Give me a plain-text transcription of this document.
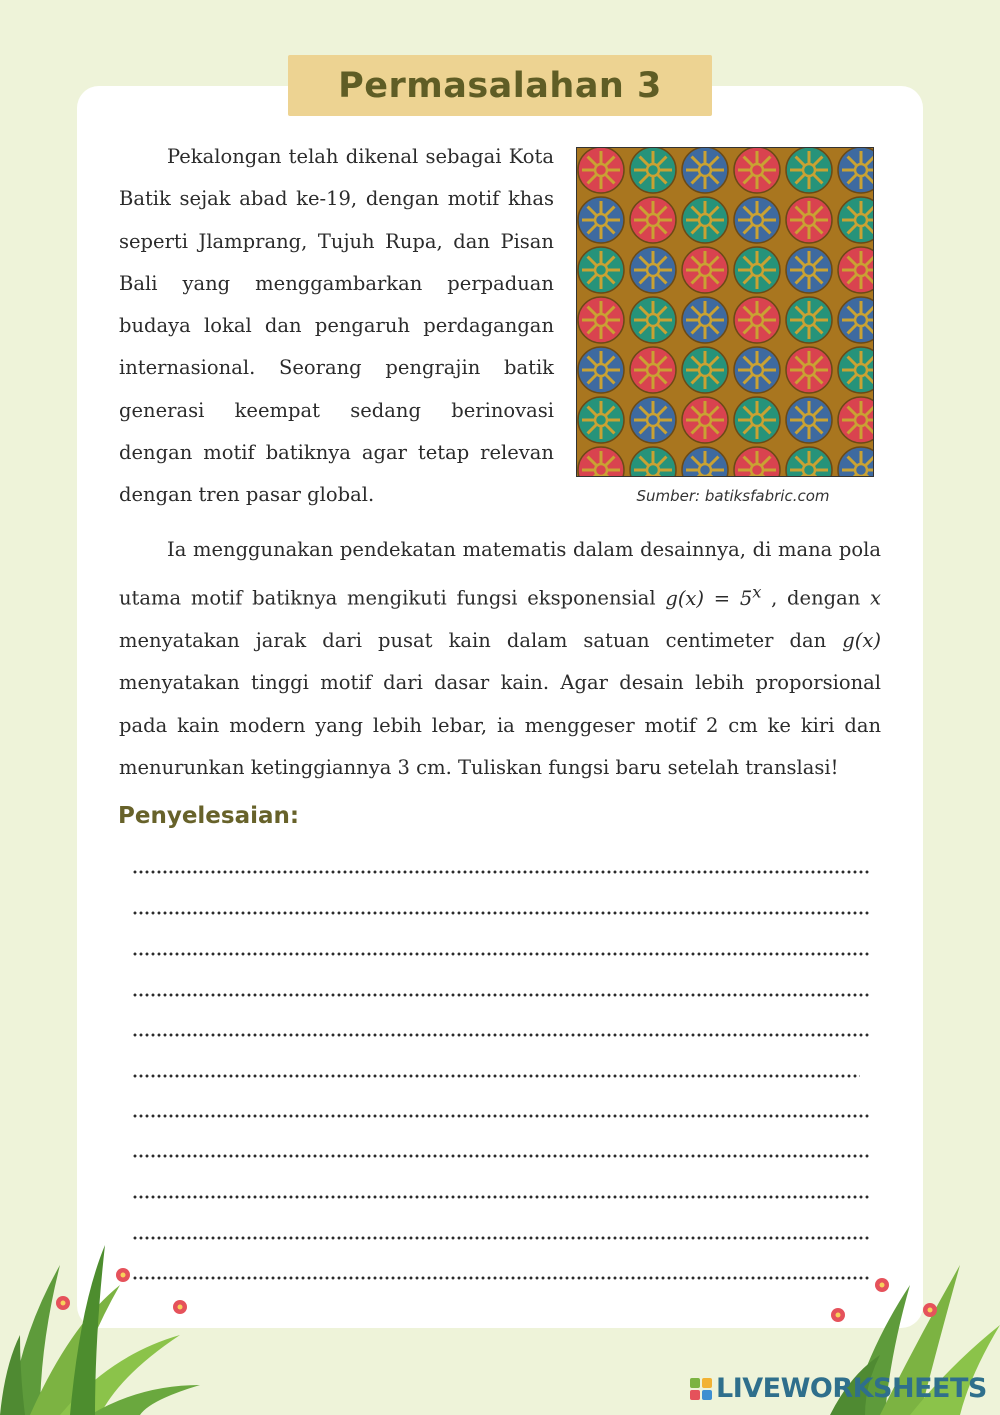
Permasalahan 3

Pekalongan telah dikenal sebagai Kota Batik sejak abad ke-19, dengan motif khas seperti Jlamprang, Tujuh Rupa, dan Pisan Bali yang menggambarkan perpaduan budaya lokal dan pengaruh perdagangan internasional. Seorang pengrajin batik generasi keempat sedang berinovasi dengan motif batiknya agar tetap relevan dengan tren pasar global.	Sumber: batiksfabric.com

Ia menggunakan pendekatan matematis dalam desainnya, di mana pola utama motif batiknya mengikuti fungsi eksponensial $g(x) = 5^x$ , dengan x menyatakan jarak dari pusat kain dalam satuan centimeter dan g(x) menyatakan tinggi motif dari dasar kain. Agar desain lebih proporsional pada kain modern yang lebih lebar, ia menggeser motif 2 cm ke kiri dan menurunkan ketinggiannya 3 cm. Tuliskan fungsi baru setelah translasi!

Penyelesaian:
LIVEWORKSHEETS
